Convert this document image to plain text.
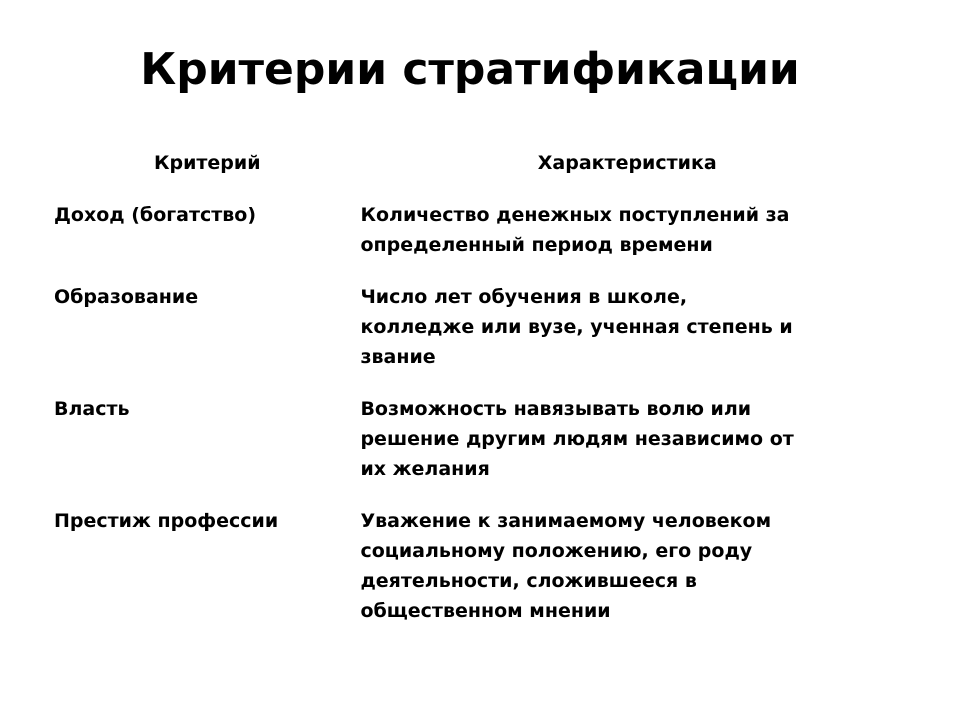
Критерии стратификации
Критерий	Характеристика
Доход (богатство)	Количество денежных поступлений за
определенный период времени
Образование	Число лет обучения в школе,
колледже или вузе, ученная степень и
звание
Власть	Возможность навязывать волю или
решение другим людям независимо от
их желания
Престиж профессии	Уважение к занимаемому человеком
социальному положению, его роду
деятельности, сложившееся в
общественном мнении
